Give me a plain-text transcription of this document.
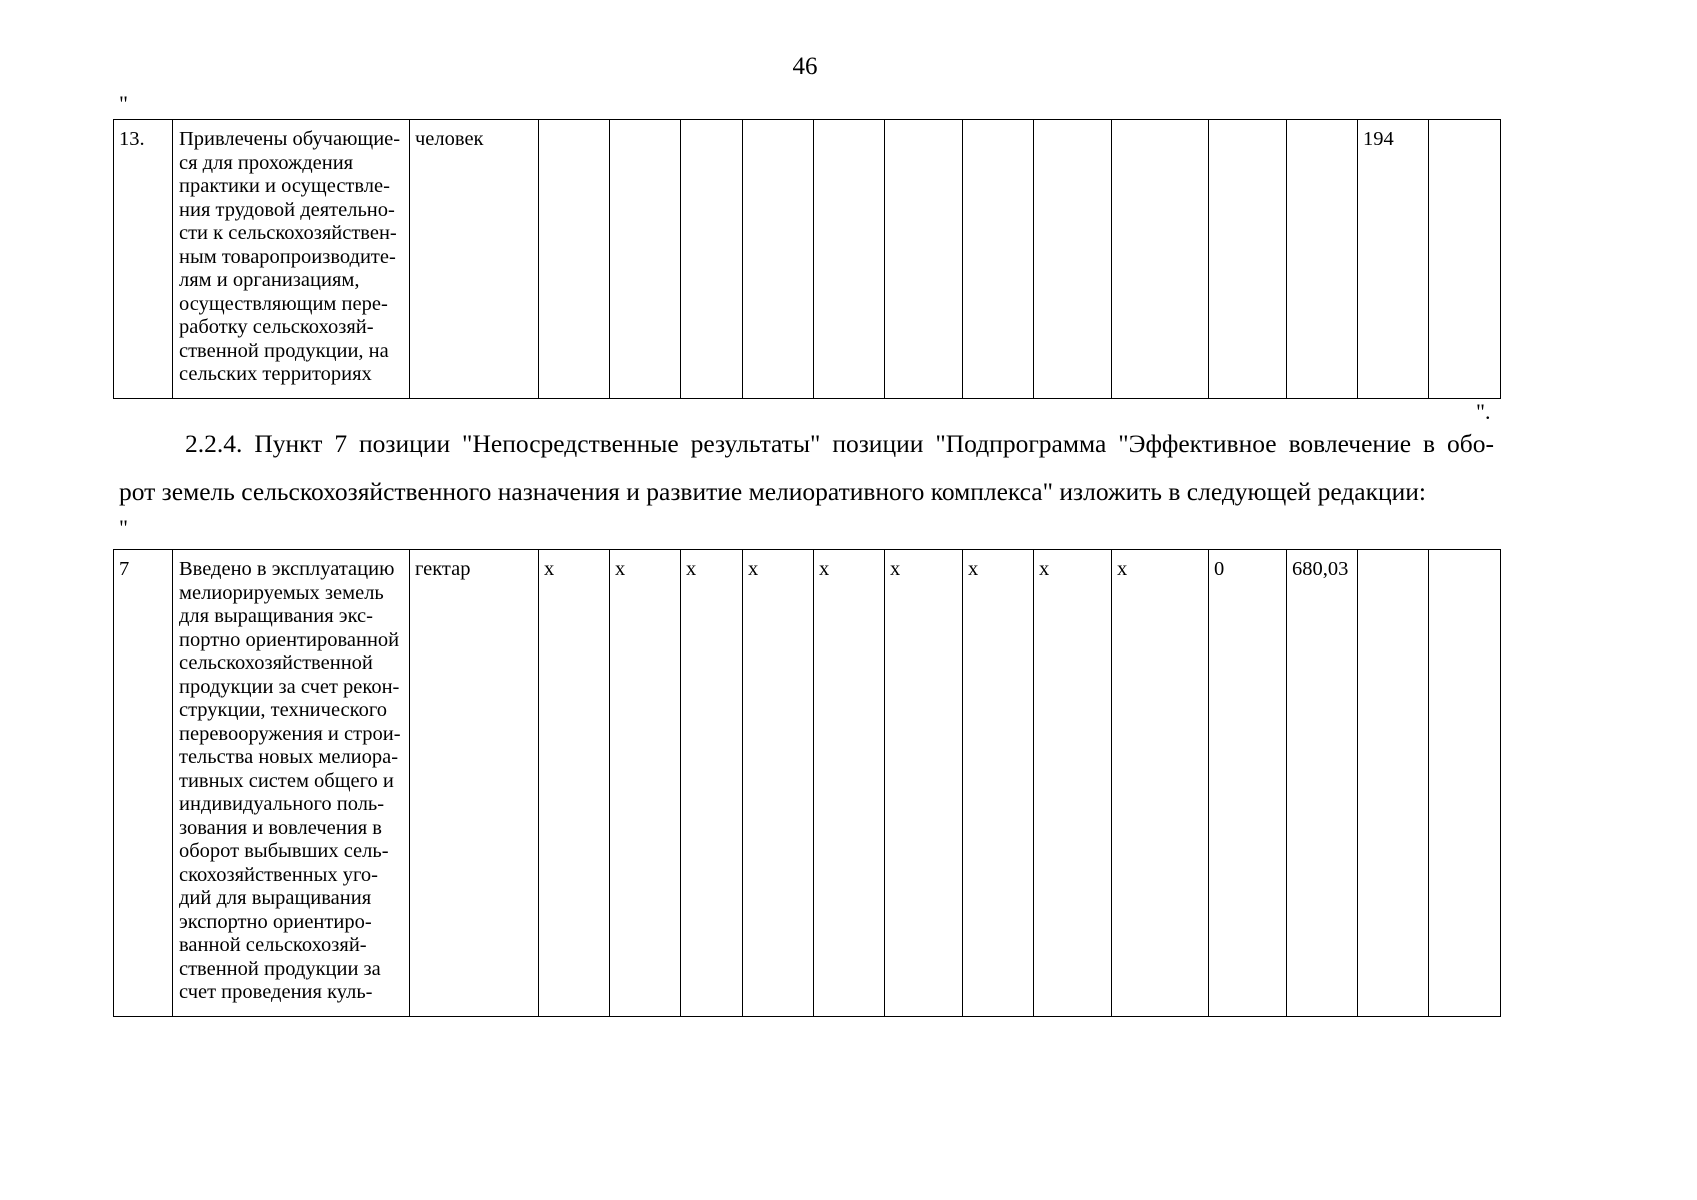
46
"
13.	Привлечены обучающие-
ся для прохождения
практики и осуществле-
ния трудовой деятельно-
сти к сельскохозяйствен-
ным товаропроизводите-
лям и организациям,
осуществляющим пере-
работку сельскохозяй-
ственной продукции, на
сельских территориях
	человек												194	
".
2.2.4. Пункт 7 позиции "Непосредственные результаты" позиции "Подпрограмма "Эффективное вовлечение в обо-
рот земель сельскохозяйственного назначения и развитие мелиоративного комплекса" изложить в следующей редакции:
"
7	Введено в эксплуатацию
мелиорируемых земель
для выращивания экс-
портно ориентированной
сельскохозяйственной
продукции за счет рекон-
струкции, технического
перевооружения и строи-
тельства новых мелиора-
тивных систем общего и
индивидуального поль-
зования и вовлечения в
оборот выбывших сель-
скохозяйственных уго-
дий для выращивания
экспортно ориентиро-
ванной сельскохозяй-
ственной продукции за
счет проведения куль-
	гектар	х	х	х	х	х	х	х	х	х	0	680,03		
